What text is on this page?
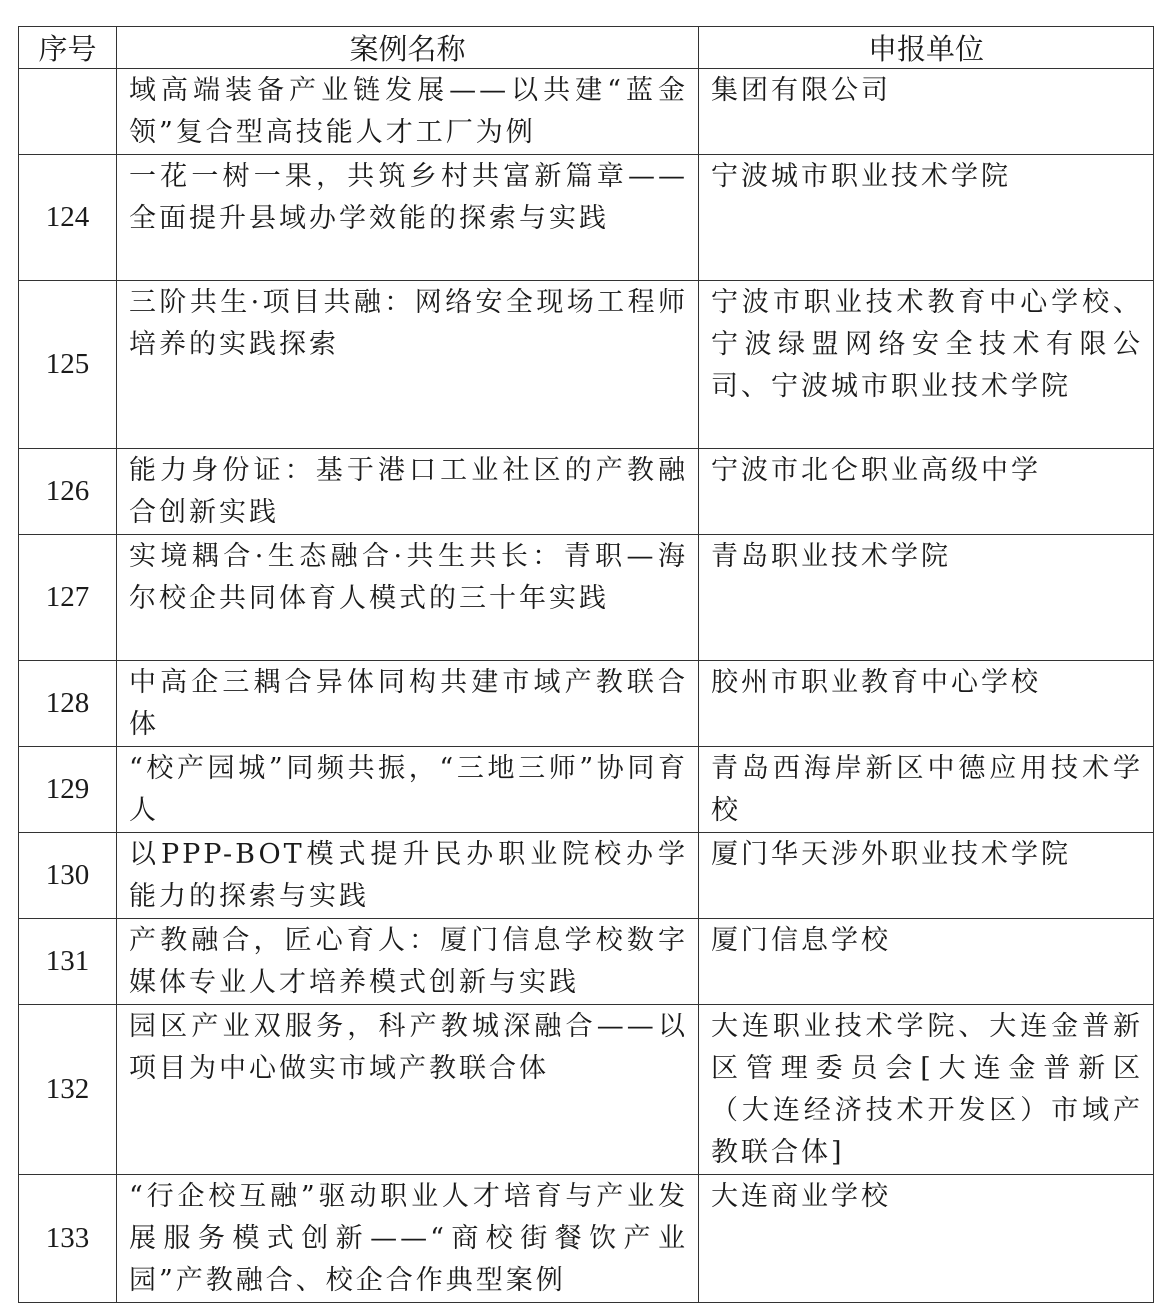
序号	案例名称	申报单位
	域高端装备产业链发展——以共建“蓝金领”复合型高技能人才工厂为例	集团有限公司
124	一花一树一果，共筑乡村共富新篇章——全面提升县域办学效能的探索与实践	宁波城市职业技术学院
125	三阶共生·项目共融：网络安全现场工程师培养的实践探索	宁波市职业技术教育中心学校、宁波绿盟网络安全技术有限公司、宁波城市职业技术学院
126	能力身份证：基于港口工业社区的产教融合创新实践	宁波市北仑职业高级中学
127	实境耦合·生态融合·共生共长：青职—海尔校企共同体育人模式的三十年实践	青岛职业技术学院
128	中高企三耦合异体同构共建市域产教联合体	胶州市职业教育中心学校
129	“校产园城”同频共振，“三地三师”协同育人	青岛西海岸新区中德应用技术学校
130	以PPP-BOT模式提升民办职业院校办学能力的探索与实践	厦门华天涉外职业技术学院
131	产教融合，匠心育人：厦门信息学校数字媒体专业人才培养模式创新与实践	厦门信息学校
132	园区产业双服务，科产教城深融合——以项目为中心做实市域产教联合体	大连职业技术学院、大连金普新区管理委员会[大连金普新区（大连经济技术开发区）市域产教联合体]
133	“行企校互融”驱动职业人才培育与产业发展服务模式创新——“商校街餐饮产业园”产教融合、校企合作典型案例	大连商业学校
